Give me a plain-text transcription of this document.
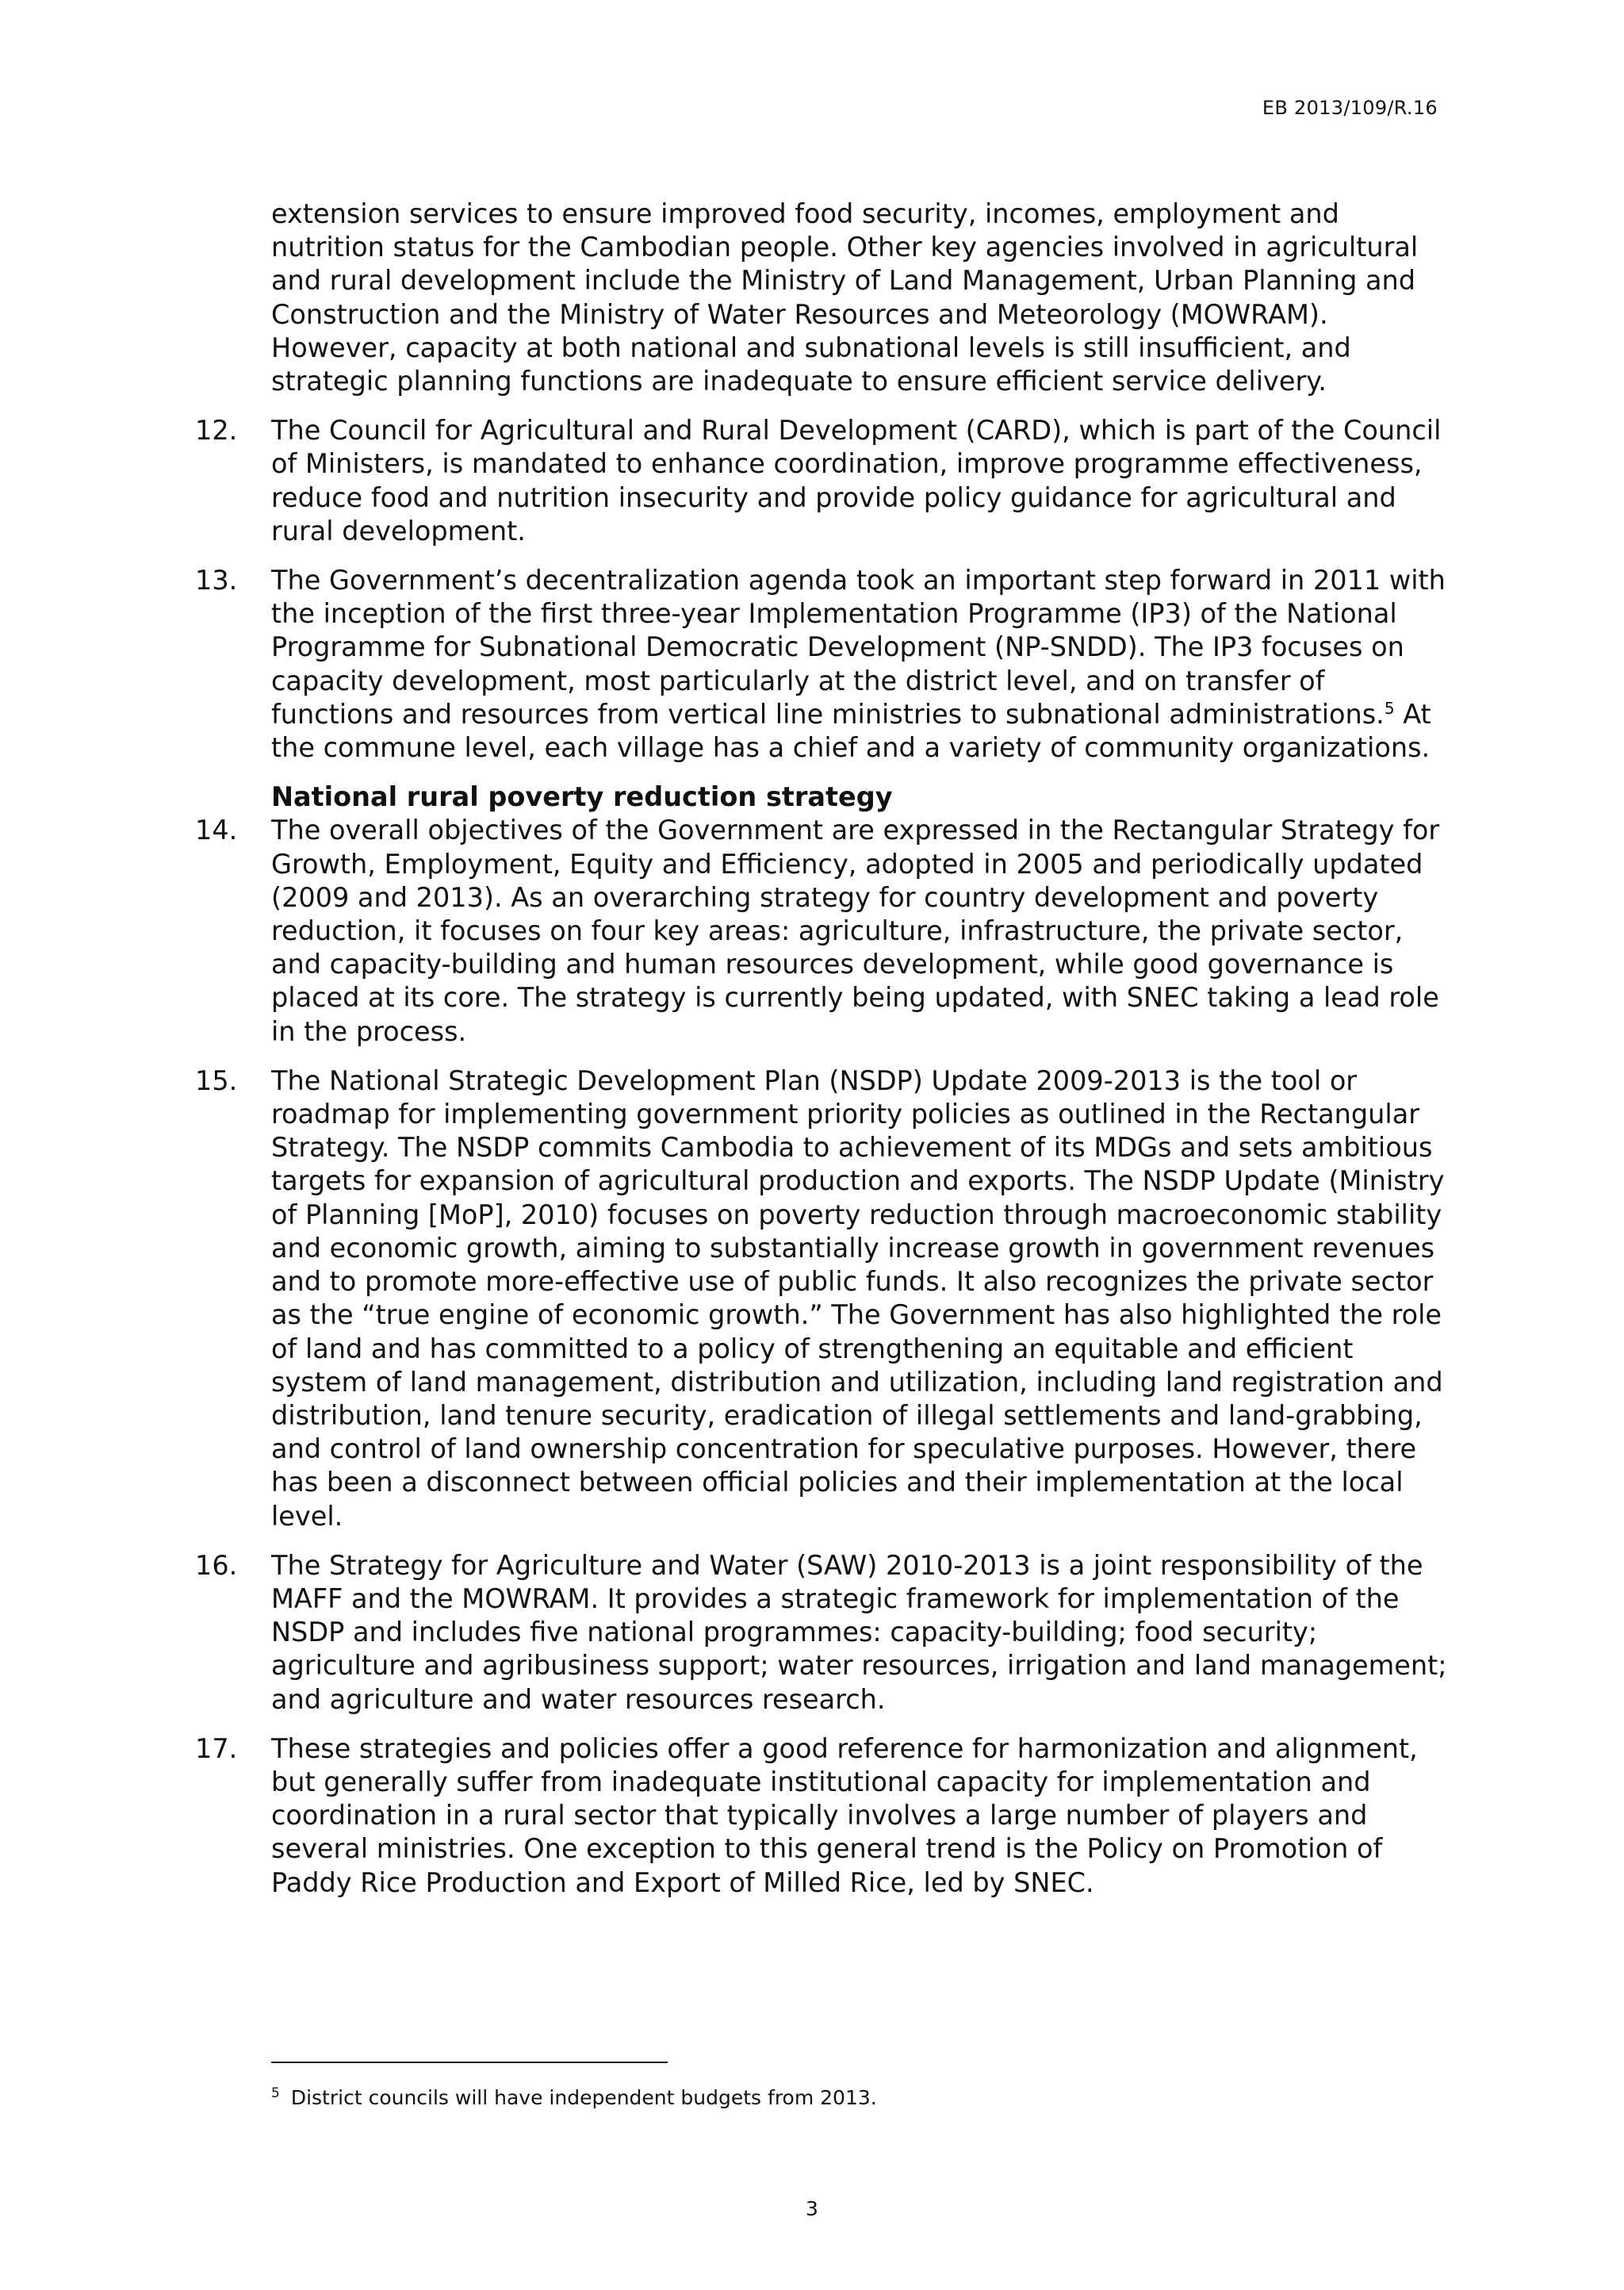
EB 2013/109/R.16

extension services to ensure improved food security, incomes, employment and nutrition status for the Cambodian people. Other key agencies involved in agricultural and rural development include the Ministry of Land Management, Urban Planning and Construction and the Ministry of Water Resources and Meteorology (MOWRAM). However, capacity at both national and subnational levels is still insufficient, and strategic planning functions are inadequate to ensure efficient service delivery.

12. The Council for Agricultural and Rural Development (CARD), which is part of the Council of Ministers, is mandated to enhance coordination, improve programme effectiveness, reduce food and nutrition insecurity and provide policy guidance for agricultural and rural development.

13. The Government’s decentralization agenda took an important step forward in 2011 with the inception of the first three-year Implementation Programme (IP3) of the National Programme for Subnational Democratic Development (NP-SNDD). The IP3 focuses on capacity development, most particularly at the district level, and on transfer of functions and resources from vertical line ministries to subnational administrations.$^5$ At the commune level, each village has a chief and a variety of community organizations.

National rural poverty reduction strategy

14. The overall objectives of the Government are expressed in the Rectangular Strategy for Growth, Employment, Equity and Efficiency, adopted in 2005 and periodically updated (2009 and 2013). As an overarching strategy for country development and poverty reduction, it focuses on four key areas: agriculture, infrastructure, the private sector, and capacity-building and human resources development, while good governance is placed at its core. The strategy is currently being updated, with SNEC taking a lead role in the process.

15. The National Strategic Development Plan (NSDP) Update 2009-2013 is the tool or roadmap for implementing government priority policies as outlined in the Rectangular Strategy. The NSDP commits Cambodia to achievement of its MDGs and sets ambitious targets for expansion of agricultural production and exports. The NSDP Update (Ministry of Planning [MoP], 2010) focuses on poverty reduction through macroeconomic stability and economic growth, aiming to substantially increase growth in government revenues and to promote more-effective use of public funds. It also recognizes the private sector as the “true engine of economic growth.” The Government has also highlighted the role of land and has committed to a policy of strengthening an equitable and efficient system of land management, distribution and utilization, including land registration and distribution, land tenure security, eradication of illegal settlements and land-grabbing, and control of land ownership concentration for speculative purposes. However, there has been a disconnect between official policies and their implementation at the local level.

16. The Strategy for Agriculture and Water (SAW) 2010-2013 is a joint responsibility of the MAFF and the MOWRAM. It provides a strategic framework for implementation of the NSDP and includes five national programmes: capacity-building; food security; agriculture and agribusiness support; water resources, irrigation and land management; and agriculture and water resources research.

17. These strategies and policies offer a good reference for harmonization and alignment, but generally suffer from inadequate institutional capacity for implementation and coordination in a rural sector that typically involves a large number of players and several ministries. One exception to this general trend is the Policy on Promotion of Paddy Rice Production and Export of Milled Rice, led by SNEC.

$^5$ District councils will have independent budgets from 2013.
3
